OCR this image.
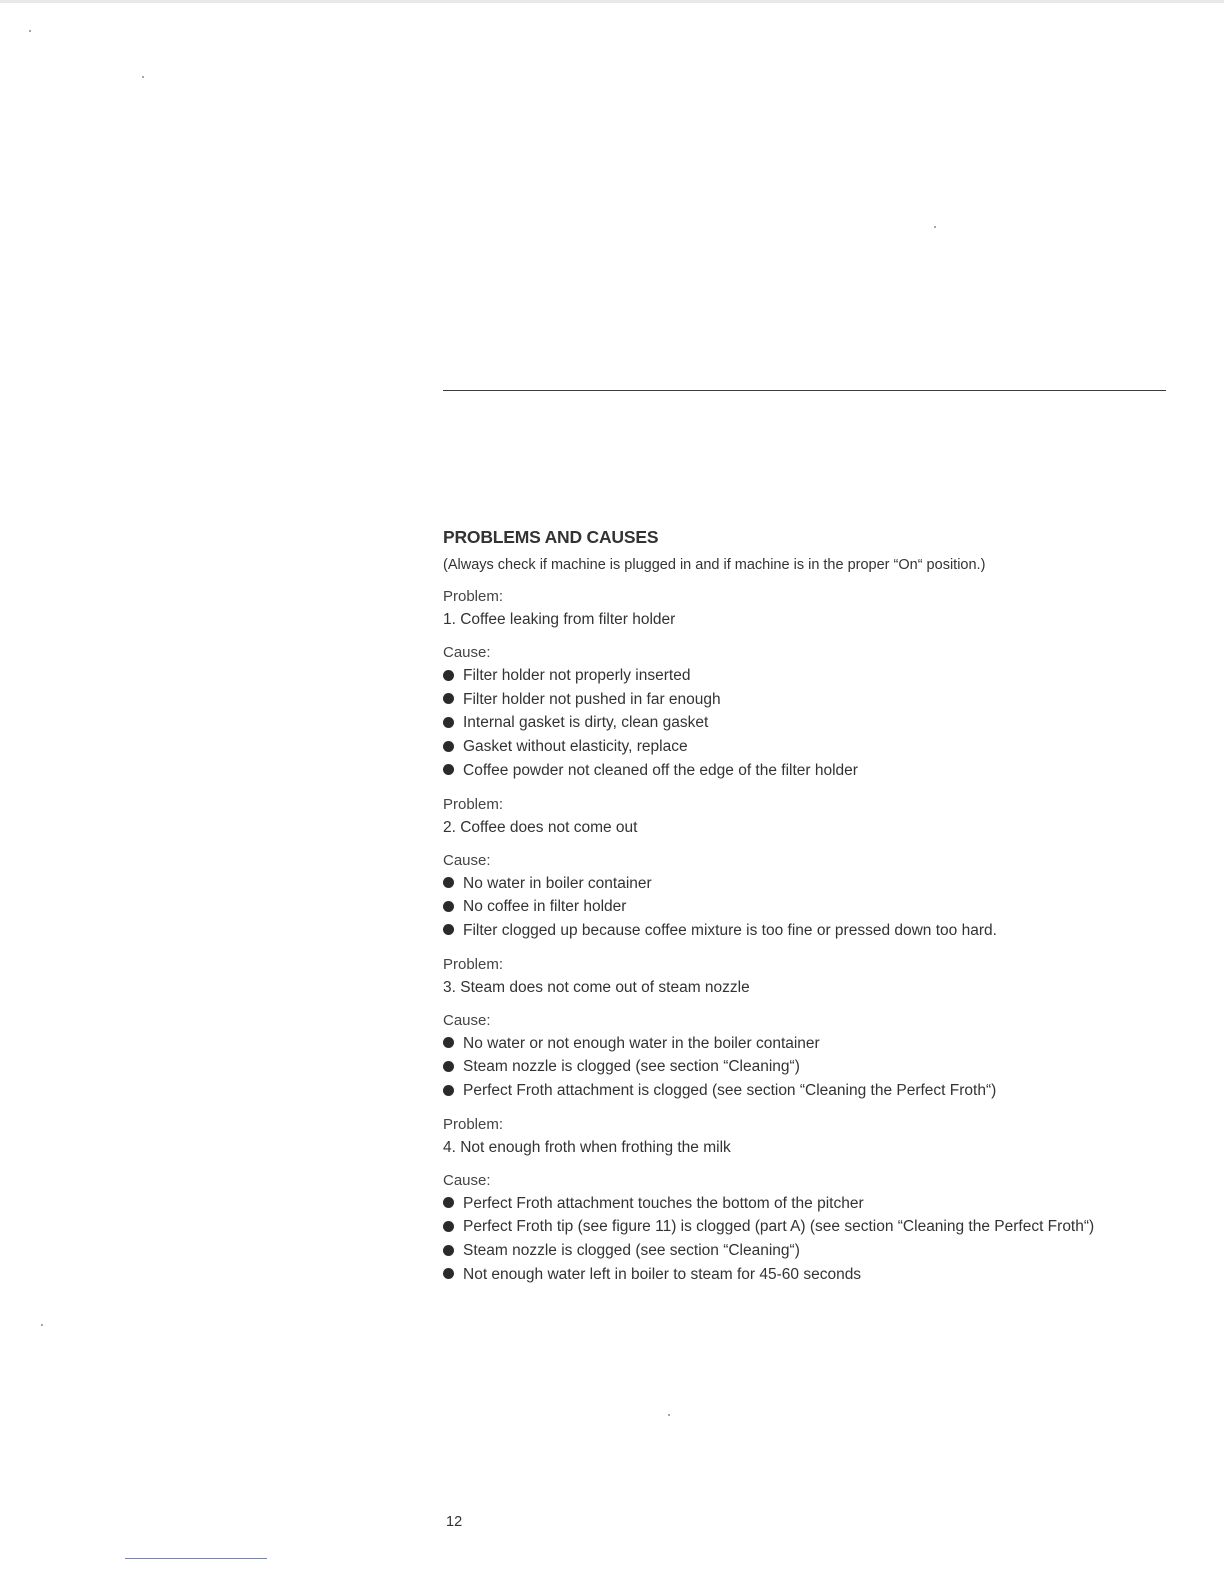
PROBLEMS AND CAUSES
(Always check if machine is plugged in and if machine is in the proper “On“ position.)
Problem:
1. Coffee leaking from filter holder
Cause:
Filter holder not properly inserted
Filter holder not pushed in far enough
Internal gasket is dirty, clean gasket
Gasket without elasticity, replace
Coffee powder not cleaned off the edge of the filter holder
Problem:
2. Coffee does not come out
Cause:
No water in boiler container
No coffee in filter holder
Filter clogged up because coffee mixture is too fine or pressed down too hard.
Problem:
3. Steam does not come out of steam nozzle
Cause:
No water or not enough water in the boiler container
Steam nozzle is clogged (see section “Cleaning“)
Perfect Froth attachment is clogged (see section “Cleaning the Perfect Froth“)
Problem:
4. Not enough froth when frothing the milk
Cause:
Perfect Froth attachment touches the bottom of the pitcher
Perfect Froth tip (see figure 11) is clogged (part A) (see section “Cleaning the Perfect Froth“)
Steam nozzle is clogged (see section “Cleaning“)
Not enough water left in boiler to steam for 45-60 seconds
12
